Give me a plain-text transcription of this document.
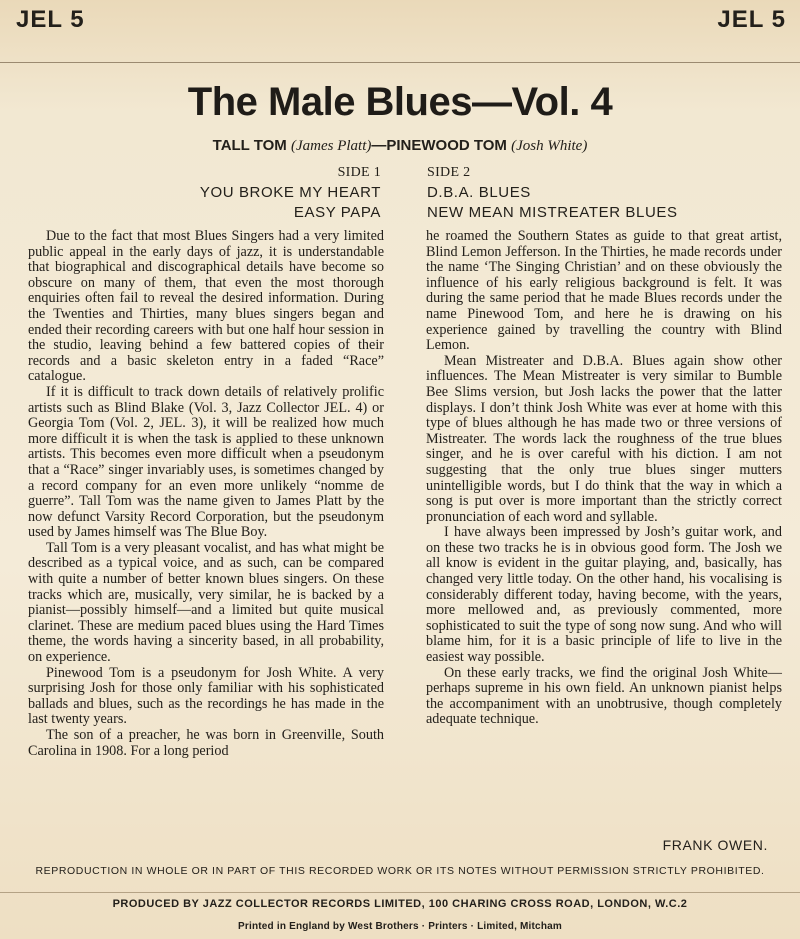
JEL 5	JEL 5
The Male Blues—Vol. 4
TALL TOM (James Platt)—PINEWOOD TOM (Josh White)
SIDE 1
YOU BROKE MY HEART
EASY PAPA
SIDE 2
D.B.A. BLUES
NEW MEAN MISTREATER BLUES

Due to the fact that most Blues Singers had a very limited public appeal in the early days of jazz, it is understandable that biographical and discographical details have become so obscure on many of them, that even the most thorough enquiries often fail to reveal the desired information. During the Twenties and Thirties, many blues singers began and ended their recording careers with but one half hour session in the studio, leaving behind a few battered copies of their records and a basic skeleton entry in a faded “Race” catalogue.

If it is difficult to track down details of relatively prolific artists such as Blind Blake (Vol. 3, Jazz Collector JEL. 4) or Georgia Tom (Vol. 2, JEL. 3), it will be realized how much more difficult it is when the task is applied to these unknown artists. This becomes even more difficult when a pseudonym that a “Race” singer invariably uses, is sometimes changed by a record company for an even more unlikely “nomme de guerre”. Tall Tom was the name given to James Platt by the now defunct Varsity Record Corporation, but the pseudonym used by James himself was The Blue Boy.

Tall Tom is a very pleasant vocalist, and has what might be described as a typical voice, and as such, can be compared with quite a number of better known blues singers. On these tracks which are, musically, very similar, he is backed by a pianist—possibly himself—and a limited but quite musical clarinet. These are medium paced blues using the Hard Times theme, the words having a sincerity based, in all probability, on experience.

Pinewood Tom is a pseudonym for Josh White. A very surprising Josh for those only familiar with his sophisticated ballads and blues, such as the recordings he has made in the last twenty years.

The son of a preacher, he was born in Greenville, South Carolina in 1908. For a long period

he roamed the Southern States as guide to that great artist, Blind Lemon Jefferson. In the Thirties, he made records under the name ‘The Singing Christian’ and on these obviously the influence of his early religious background is felt. It was during the same period that he made Blues records under the name Pinewood Tom, and here he is drawing on his experience gained by travelling the country with Blind Lemon.

Mean Mistreater and D.B.A. Blues again show other influences. The Mean Mistreater is very similar to Bumble Bee Slims version, but Josh lacks the power that the latter displays. I don’t think Josh White was ever at home with this type of blues although he has made two or three versions of Mistreater. The words lack the roughness of the true blues singer, and he is over careful with his diction. I am not suggesting that the only true blues singer mutters unintelligible words, but I do think that the way in which a song is put over is more important than the strictly correct pronunciation of each word and syllable.

I have always been impressed by Josh’s guitar work, and on these two tracks he is in obvious good form. The Josh we all know is evident in the guitar playing, and, basically, has changed very little today. On the other hand, his vocalising is considerably different today, having become, with the years, more mellowed and, as previously commented, more sophisticated to suit the type of song now sung. And who will blame him, for it is a basic principle of life to live in the easiest way possible.

On these early tracks, we find the original Josh White—perhaps supreme in his own field. An unknown pianist helps the accompaniment with an unobtrusive, though completely adequate technique.

FRANK OWEN.
REPRODUCTION IN WHOLE OR IN PART OF THIS RECORDED WORK OR ITS NOTES WITHOUT PERMISSION STRICTLY PROHIBITED.
PRODUCED BY JAZZ COLLECTOR RECORDS LIMITED, 100 CHARING CROSS ROAD, LONDON, W.C.2
Printed in England by West Brothers · Printers · Limited, Mitcham
